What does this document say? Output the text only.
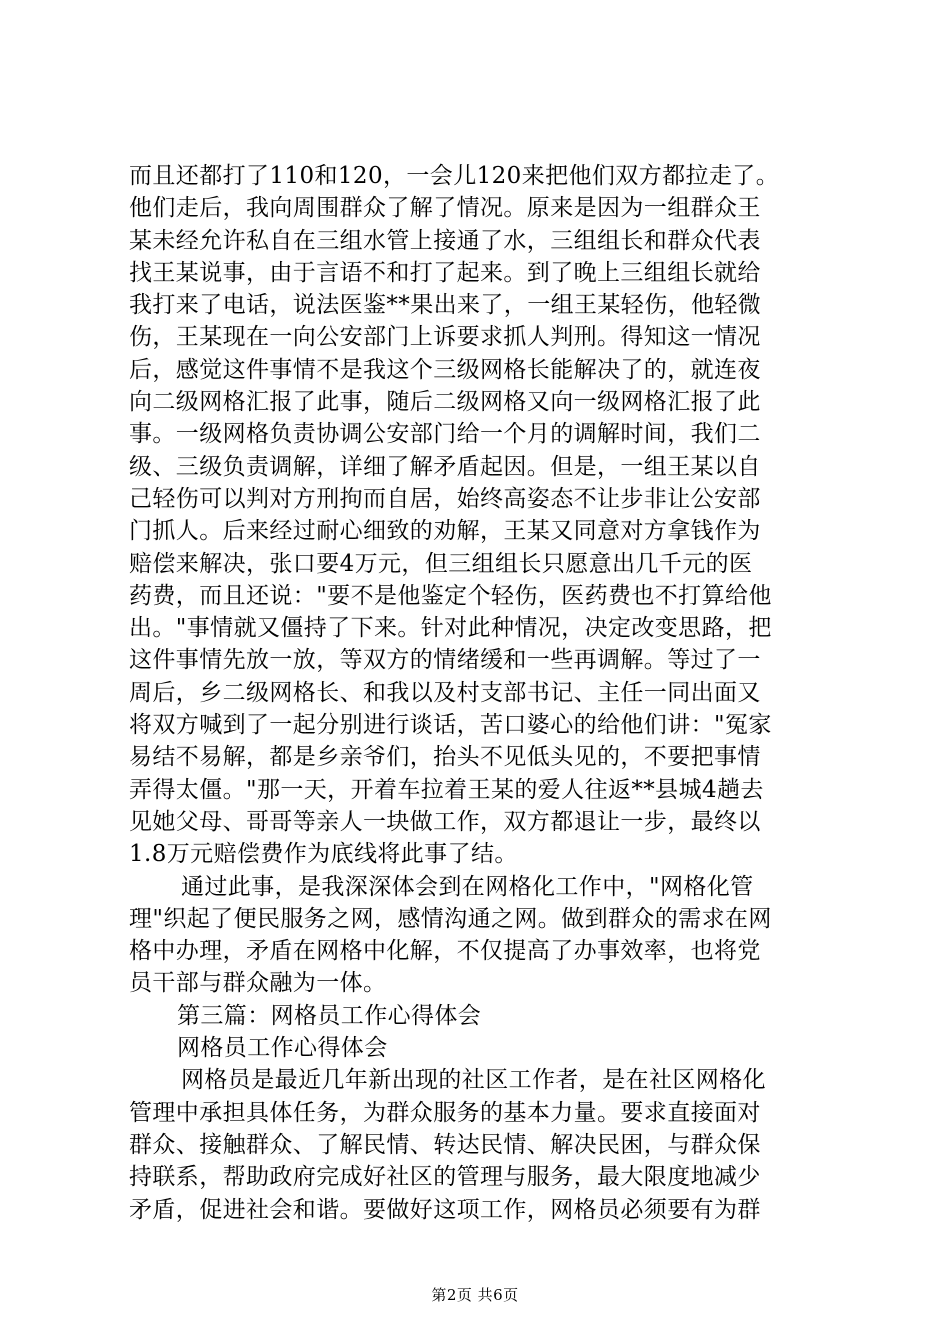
而且还都打了110和120，一会儿120来把他们双方都拉走了。
他们走后，我向周围群众了解了情况。原来是因为一组群众王
某未经允许私自在三组水管上接通了水，三组组长和群众代表
找王某说事，由于言语不和打了起来。到了晚上三组组长就给
我打来了电话，说法医鉴**果出来了，一组王某轻伤，他轻微
伤，王某现在一向公安部门上诉要求抓人判刑。得知这一情况
后，感觉这件事情不是我这个三级网格长能解决了的，就连夜
向二级网格汇报了此事，随后二级网格又向一级网格汇报了此
事。一级网格负责协调公安部门给一个月的调解时间，我们二
级、三级负责调解，详细了解矛盾起因。但是，一组王某以自
己轻伤可以判对方刑拘而自居，始终高姿态不让步非让公安部
门抓人。后来经过耐心细致的劝解，王某又同意对方拿钱作为
赔偿来解决，张口要4万元，但三组组长只愿意出几千元的医
药费，而且还说："要不是他鉴定个轻伤，医药费也不打算给他
出。"事情就又僵持了下来。针对此种情况，决定改变思路，把
这件事情先放一放，等双方的情绪缓和一些再调解。等过了一
周后，乡二级网格长、和我以及村支部书记、主任一同出面又
将双方喊到了一起分别进行谈话，苦口婆心的给他们讲："冤家
易结不易解，都是乡亲爷们，抬头不见低头见的，不要把事情
弄得太僵。"那一天，开着车拉着王某的爱人往返**县城4趟去
见她父母、哥哥等亲人一块做工作，双方都退让一步，最终以
1.8万元赔偿费作为底线将此事了结。
通过此事，是我深深体会到在网格化工作中，"网格化管
理"织起了便民服务之网，感情沟通之网。做到群众的需求在网
格中办理，矛盾在网格中化解，不仅提高了办事效率，也将党
员干部与群众融为一体。
第三篇：网格员工作心得体会
网格员工作心得体会
网格员是最近几年新出现的社区工作者，是在社区网格化
管理中承担具体任务，为群众服务的基本力量。要求直接面对
群众、接触群众、了解民情、转达民情、解决民困，与群众保
持联系，帮助政府完成好社区的管理与服务，最大限度地减少
矛盾，促进社会和谐。要做好这项工作，网格员必须要有为群
第2页 共6页
